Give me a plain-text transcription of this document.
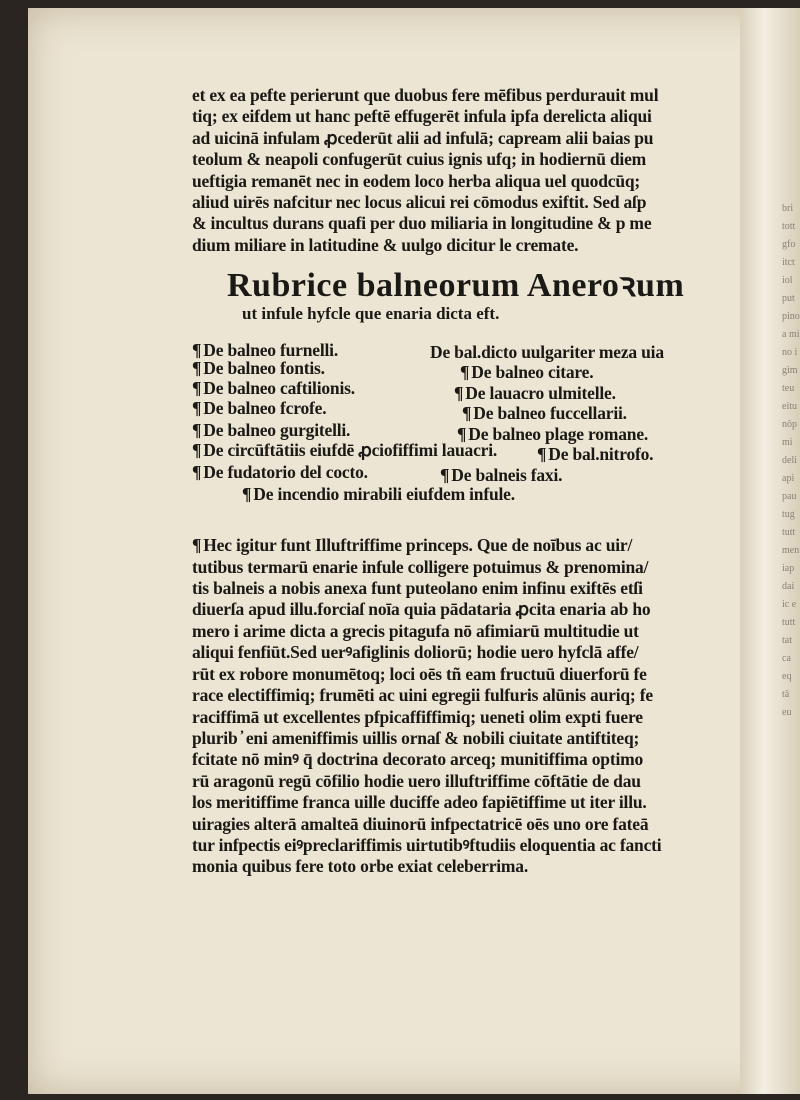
bri
tott
gfo
itct
iol
put
pino
a mi
no i
gim
teu
eitu
nōp
mi
deli
api
pau
tug
tutt
men
iap
dai
ic e
tutt
tat
ca
eq
tā
eu

et ex ea pefte perierunt que duobus fere mēfibus perdurauit mul

tiq; ex eifdem ut hanc peftē effugerēt infula ipfa derelicta aliqui

ad uicinā infulam ꝓcederūt alii ad infulā; capream alii baias pu

teolum & neapoli confugerūt cuius ignis ufq; in hodiernū diem

ueftigia remanēt nec in eodem loco herba aliqua uel quodcūq;

aliud uirēs nafcitur nec locus alicui rei cōmodus exiftit. Sed aſp

& incultus durans quafi per duo miliaria in longitudine & p me

dium miliare in latitudine & uulgo dicitur le cremate.

Rubrice balneorum Aneroꝛum
ut infule hyfcle que enaria dicta eft.
¶ De balneo furnelli.	De bal.dicto uulgariter meza uia
¶ De balneo fontis.	¶ De balneo citare.
¶ De balneo caftilionis.	¶ De lauacro ulmitelle.
¶ De balneo fcrofe.	¶ De balneo fuccellarii.
¶ De balneo gurgitelli.	¶ De balneo plage romane.
¶ De circūftātiis eiufdē ꝓciofiffimi lauacri. ¶ De bal.nitrofo.
¶ De fudatorio del cocto.	¶ De balneis faxi.
¶ De incendio mirabili eiufdem infule.

¶ Hec igitur funt Illuftriffime princeps. Que de noībus ac uir/

tutibus termarū enarie infule colligere potuimus & prenomina/

tis balneis a nobis anexa funt puteolano enim infinu exiftēs etſi

diuerſa apud illu.forciaſ noīa quia pādataria ꝓcita enaria ab ho

mero i arime dicta a grecis pitagufa nō afimiarū multitudie ut

aliqui fenfiūt.Sed uerꝰafiglinis doliorū; hodie uero hyfclā affe/

rūt ex robore monumētoq; loci oēs tñ eam fructuū diuerforū fe

race electiffimiq; frumēti ac uini egregii fulfuris alūnis auriq; fe

raciffimā ut excellentes pfpicaffiffimiq; ueneti olim expti fuere

plurib ̓ eni ameniffimis uillis ornaſ & nobili ciuitate antiftiteq;

fcitate nō minꝰ q̄ doctrina decorato arceq; munitiffima optimo

rū aragonū regū cōfilio hodie uero illuftriffime cōftātie de dau

los meritiffime franca uille duciffe adeo fapiētiffime ut iter illu.

uiragies alterā amalteā diuinorū infpectatricē oēs uno ore fateā

tur infpectis eiꝰpreclariffimis uirtutibꝰftudiis eloquentia ac fancti

monia quibus fere toto orbe exiat celeberrima.
